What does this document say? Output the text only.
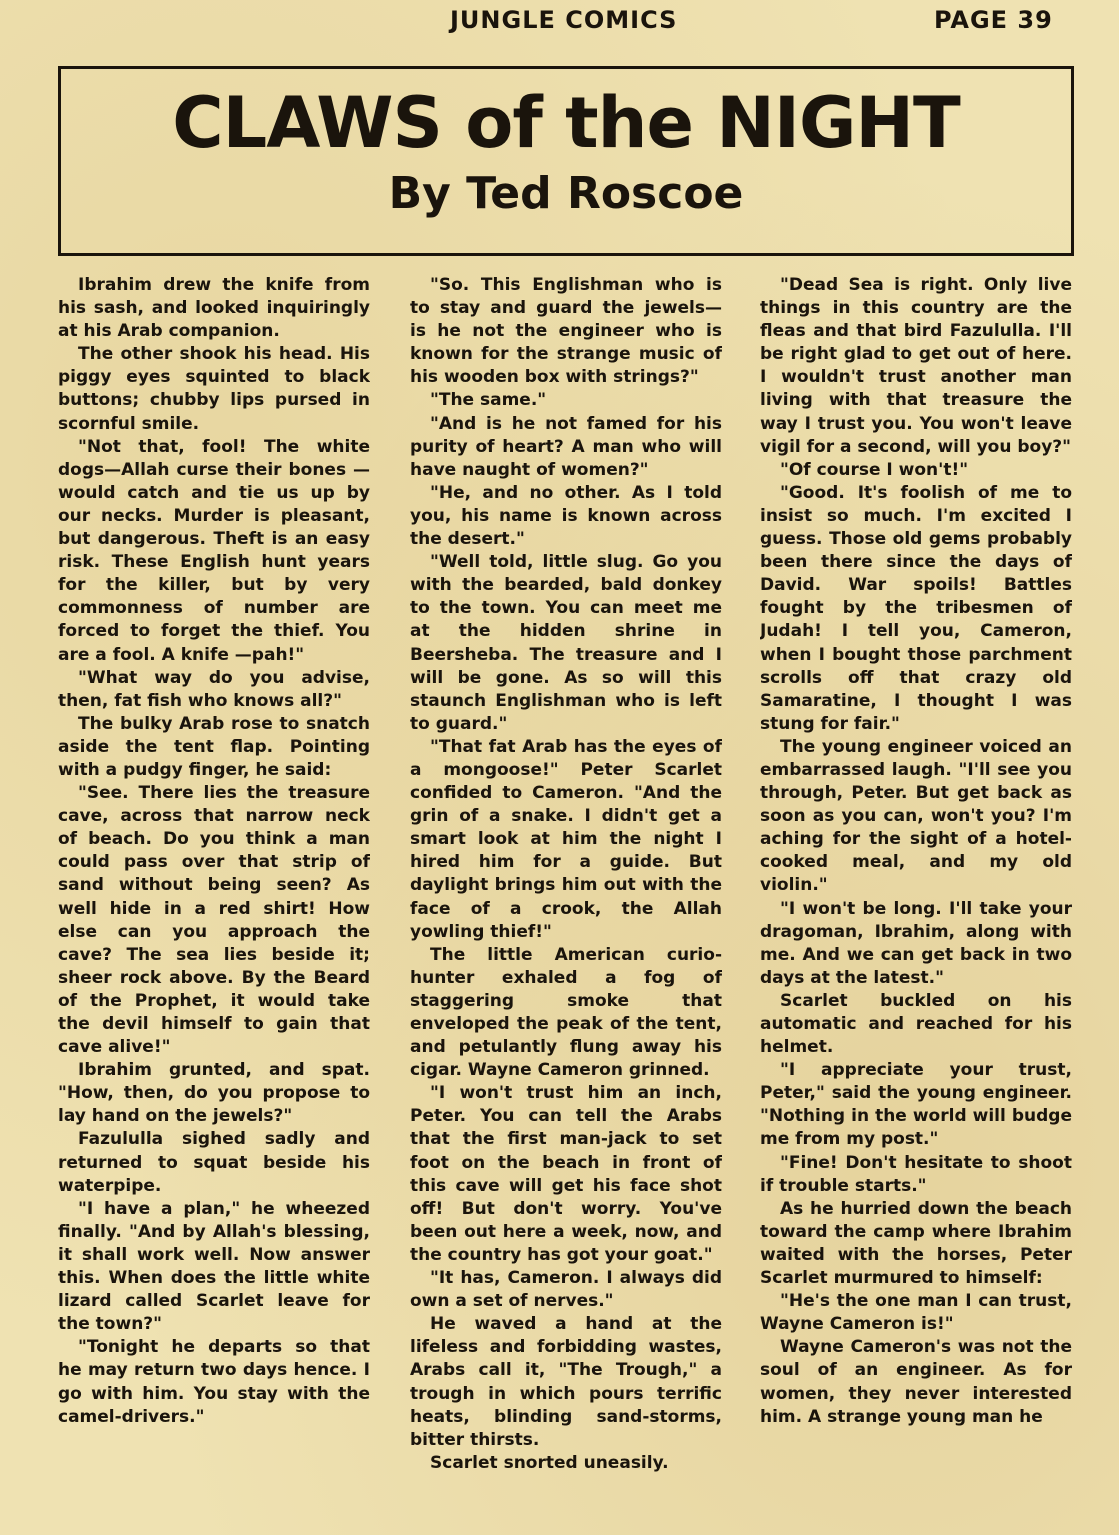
JUNGLE COMICS	PAGE 39
CLAWS of the NIGHT
By Ted Roscoe

Ibrahim drew the knife from his sash, and looked inquiringly at his Arab companion.

The other shook his head. His piggy eyes squinted to black buttons; chubby lips pursed in scornful smile.

"Not that, fool! The white dogs—Allah curse their bones —would catch and tie us up by our necks. Murder is pleasant, but dangerous. Theft is an easy risk. These English hunt years for the killer, but by very commonness of number are forced to forget the thief. You are a fool. A knife —pah!"

"What way do you advise, then, fat fish who knows all?"

The bulky Arab rose to snatch aside the tent flap. Pointing with a pudgy finger, he said:

"See. There lies the treasure cave, across that narrow neck of beach. Do you think a man could pass over that strip of sand without being seen? As well hide in a red shirt! How else can you approach the cave? The sea lies beside it; sheer rock above. By the Beard of the Prophet, it would take the devil himself to gain that cave alive!"

Ibrahim grunted, and spat. "How, then, do you propose to lay hand on the jewels?"

Fazululla sighed sadly and returned to squat beside his waterpipe.

"I have a plan," he wheezed finally. "And by Allah's blessing, it shall work well. Now answer this. When does the little white lizard called Scarlet leave for the town?"

"Tonight he departs so that he may return two days hence. I go with him. You stay with the camel-drivers."

"So. This Englishman who is to stay and guard the jewels— is he not the engineer who is known for the strange music of his wooden box with strings?"

"The same."

"And is he not famed for his purity of heart? A man who will have naught of women?"

"He, and no other. As I told you, his name is known across the desert."

"Well told, little slug. Go you with the bearded, bald donkey to the town. You can meet me at the hidden shrine in Beersheba. The treasure and I will be gone. As so will this staunch Englishman who is left to guard."

"That fat Arab has the eyes of a mongoose!" Peter Scarlet confided to Cameron. "And the grin of a snake. I didn't get a smart look at him the night I hired him for a guide. But daylight brings him out with the face of a crook, the Allah yowling thief!"

The little American curio-hunter exhaled a fog of staggering smoke that enveloped the peak of the tent, and petulantly flung away his cigar. Wayne Cameron grinned.

"I won't trust him an inch, Peter. You can tell the Arabs that the first man-jack to set foot on the beach in front of this cave will get his face shot off! But don't worry. You've been out here a week, now, and the country has got your goat."

"It has, Cameron. I always did own a set of nerves."

He waved a hand at the lifeless and forbidding wastes, Arabs call it, "The Trough," a trough in which pours terrific heats, blinding sand-storms, bitter thirsts.

Scarlet snorted uneasily.

"Dead Sea is right. Only live things in this country are the fleas and that bird Fazululla. I'll be right glad to get out of here. I wouldn't trust another man living with that treasure the way I trust you. You won't leave vigil for a second, will you boy?"

"Of course I won't!"

"Good. It's foolish of me to insist so much. I'm excited I guess. Those old gems probably been there since the days of David. War spoils! Battles fought by the tribesmen of Judah! I tell you, Cameron, when I bought those parchment scrolls off that crazy old Samaratine, I thought I was stung for fair."

The young engineer voiced an embarrassed laugh. "I'll see you through, Peter. But get back as soon as you can, won't you? I'm aching for the sight of a hotel-cooked meal, and my old violin."

"I won't be long. I'll take your dragoman, Ibrahim, along with me. And we can get back in two days at the latest."

Scarlet buckled on his automatic and reached for his helmet.

"I appreciate your trust, Peter," said the young engineer. "Nothing in the world will budge me from my post."

"Fine! Don't hesitate to shoot if trouble starts."

As he hurried down the beach toward the camp where Ibrahim waited with the horses, Peter Scarlet murmured to himself:

"He's the one man I can trust, Wayne Cameron is!"

Wayne Cameron's was not the soul of an engineer. As for women, they never interested him. A strange young man he
